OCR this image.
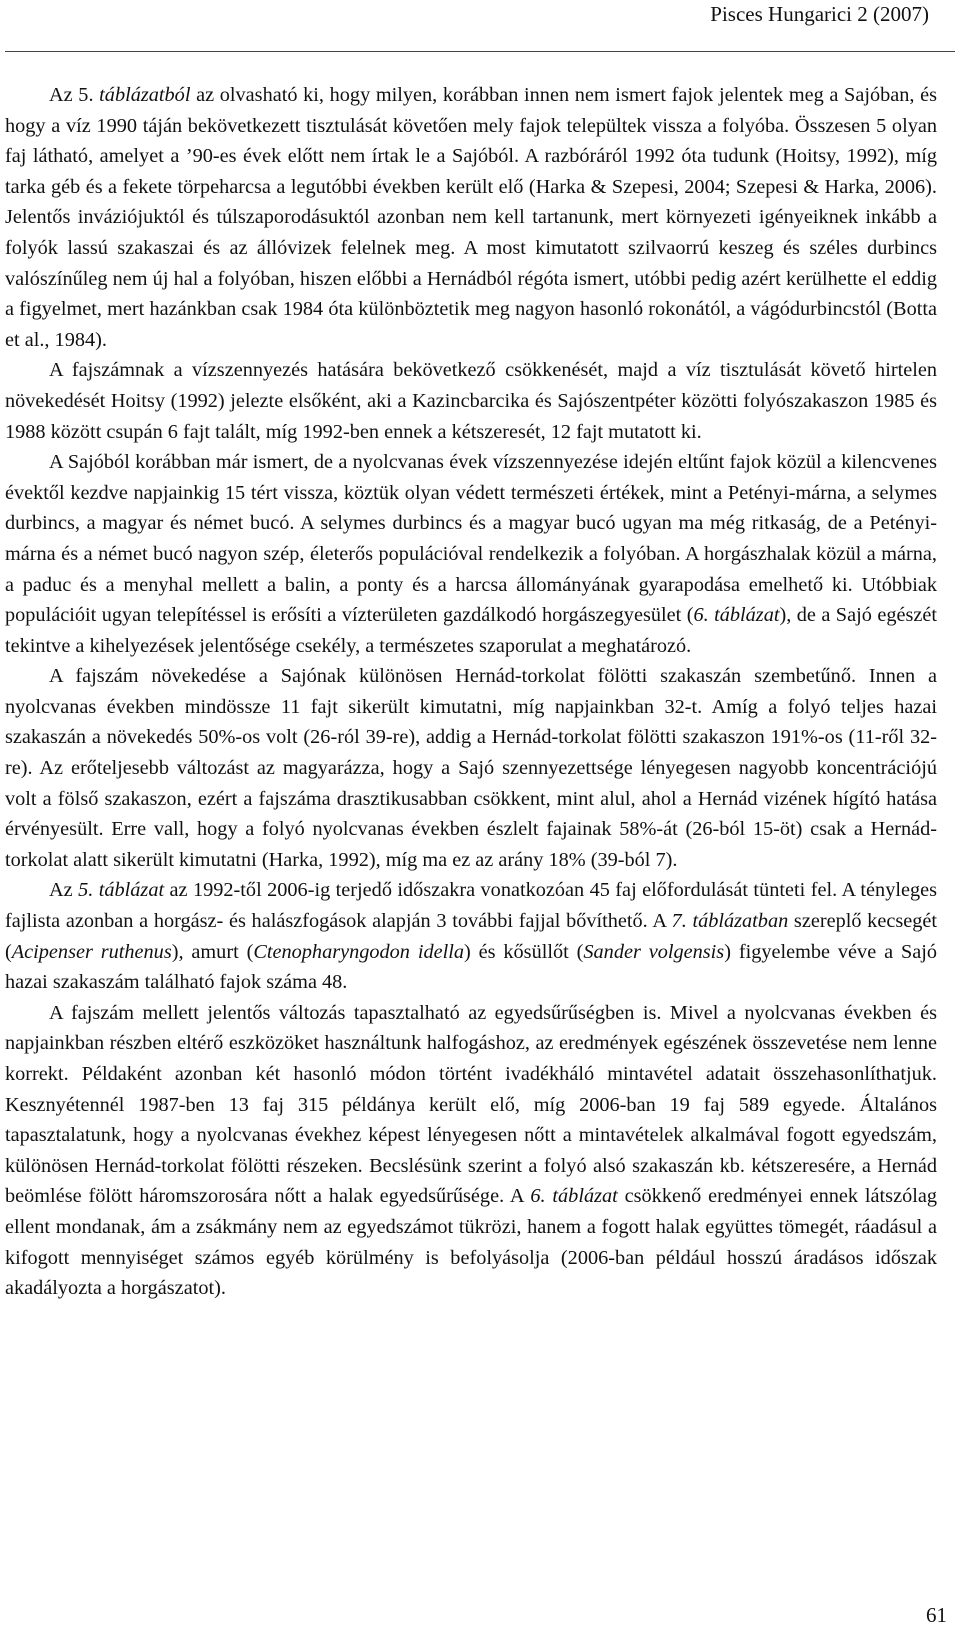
Pisces Hungarici 2 (2007)

Az 5. táblázatból az olvasható ki, hogy milyen, korábban innen nem ismert fajok jelentek meg a Sajóban, és hogy a víz 1990 táján bekövetkezett tisztulását követően mely fajok települtek vissza a folyóba. Összesen 5 olyan faj látható, amelyet a ’90-es évek előtt nem írtak le a Sajóból. A razbóráról 1992 óta tudunk (Hoitsy, 1992), míg tarka géb és a fekete törpeharcsa a legutóbbi években került elő (Harka & Szepesi, 2004; Szepesi & Harka, 2006). Jelentős inváziójuktól és túlszaporodásuktól azonban nem kell tartanunk, mert környezeti igényeiknek inkább a folyók lassú szakaszai és az állóvizek felelnek meg. A most kimutatott szilvaorrú keszeg és széles durbincs valószínűleg nem új hal a folyóban, hiszen előbbi a Hernádból régóta ismert, utóbbi pedig azért kerülhette el eddig a figyelmet, mert hazánkban csak 1984 óta különböztetik meg nagyon hasonló rokonától, a vágódurbincstól (Botta et al., 1984).

A fajszámnak a vízszennyezés hatására bekövetkező csökkenését, majd a víz tisztulását követő hirtelen növekedését Hoitsy (1992) jelezte elsőként, aki a Kazincbarcika és Sajószentpéter közötti folyószakaszon 1985 és 1988 között csupán 6 fajt talált, míg 1992-ben ennek a kétszeresét, 12 fajt mutatott ki.

A Sajóból korábban már ismert, de a nyolcvanas évek vízszennyezése idején eltűnt fajok közül a kilencvenes évektől kezdve napjainkig 15 tért vissza, köztük olyan védett természeti értékek, mint a Petényi-márna, a selymes durbincs, a magyar és német bucó. A selymes durbincs és a magyar bucó ugyan ma még ritkaság, de a Petényi-márna és a német bucó nagyon szép, életerős populációval rendelkezik a folyóban. A horgászhalak közül a márna, a paduc és a menyhal mellett a balin, a ponty és a harcsa állományának gyarapodása emelhető ki. Utóbbiak populációit ugyan telepítéssel is erősíti a vízterületen gazdálkodó horgászegyesület (6. táblázat), de a Sajó egészét tekintve a kihelyezések jelentősége csekély, a természetes szaporulat a meghatározó.

A fajszám növekedése a Sajónak különösen Hernád-torkolat fölötti szakaszán szembetűnő. Innen a nyolcvanas években mindössze 11 fajt sikerült kimutatni, míg napjainkban 32-t. Amíg a folyó teljes hazai szakaszán a növekedés 50%-os volt (26-ról 39-re), addig a Hernád-torkolat fölötti szakaszon 191%-os (11-ről 32-re). Az erőteljesebb változást az magyarázza, hogy a Sajó szennyezettsége lényegesen nagyobb koncentrációjú volt a fölső szakaszon, ezért a fajszáma drasztikusabban csökkent, mint alul, ahol a Hernád vizének hígító hatása érvényesült. Erre vall, hogy a folyó nyolcvanas években észlelt fajainak 58%-át (26-ból 15-öt) csak a Hernád-torkolat alatt sikerült kimutatni (Harka, 1992), míg ma ez az arány 18% (39-ból 7).

Az 5. táblázat az 1992-től 2006-ig terjedő időszakra vonatkozóan 45 faj előfordulását tünteti fel. A tényleges fajlista azonban a horgász- és halászfogások alapján 3 további fajjal bővíthető. A 7. táblázatban szereplő kecsegét (Acipenser ruthenus), amurt (Ctenopharyngodon idella) és kősüllőt (Sander volgensis) figyelembe véve a Sajó hazai szakaszám található fajok száma 48.

A fajszám mellett jelentős változás tapasztalható az egyedsűrűségben is. Mivel a nyolcvanas években és napjainkban részben eltérő eszközöket használtunk halfogáshoz, az eredmények egészének összevetése nem lenne korrekt. Példaként azonban két hasonló módon történt ivadékháló mintavétel adatait összehasonlíthatjuk. Kesznyétennél 1987-ben 13 faj 315 példánya került elő, míg 2006-ban 19 faj 589 egyede. Általános tapasztalatunk, hogy a nyolcvanas évekhez képest lényegesen nőtt a mintavételek alkalmával fogott egyedszám, különösen Hernád-torkolat fölötti részeken. Becslésünk szerint a folyó alsó szakaszán kb. kétszeresére, a Hernád beömlése fölött háromszorosára nőtt a halak egyedsűrűsége. A 6. táblázat csökkenő eredményei ennek látszólag ellent mondanak, ám a zsákmány nem az egyedszámot tükrözi, hanem a fogott halak együttes tömegét, ráadásul a kifogott mennyiséget számos egyéb körülmény is befolyásolja (2006-ban például hosszú áradásos időszak akadályozta a horgászatot).

61
